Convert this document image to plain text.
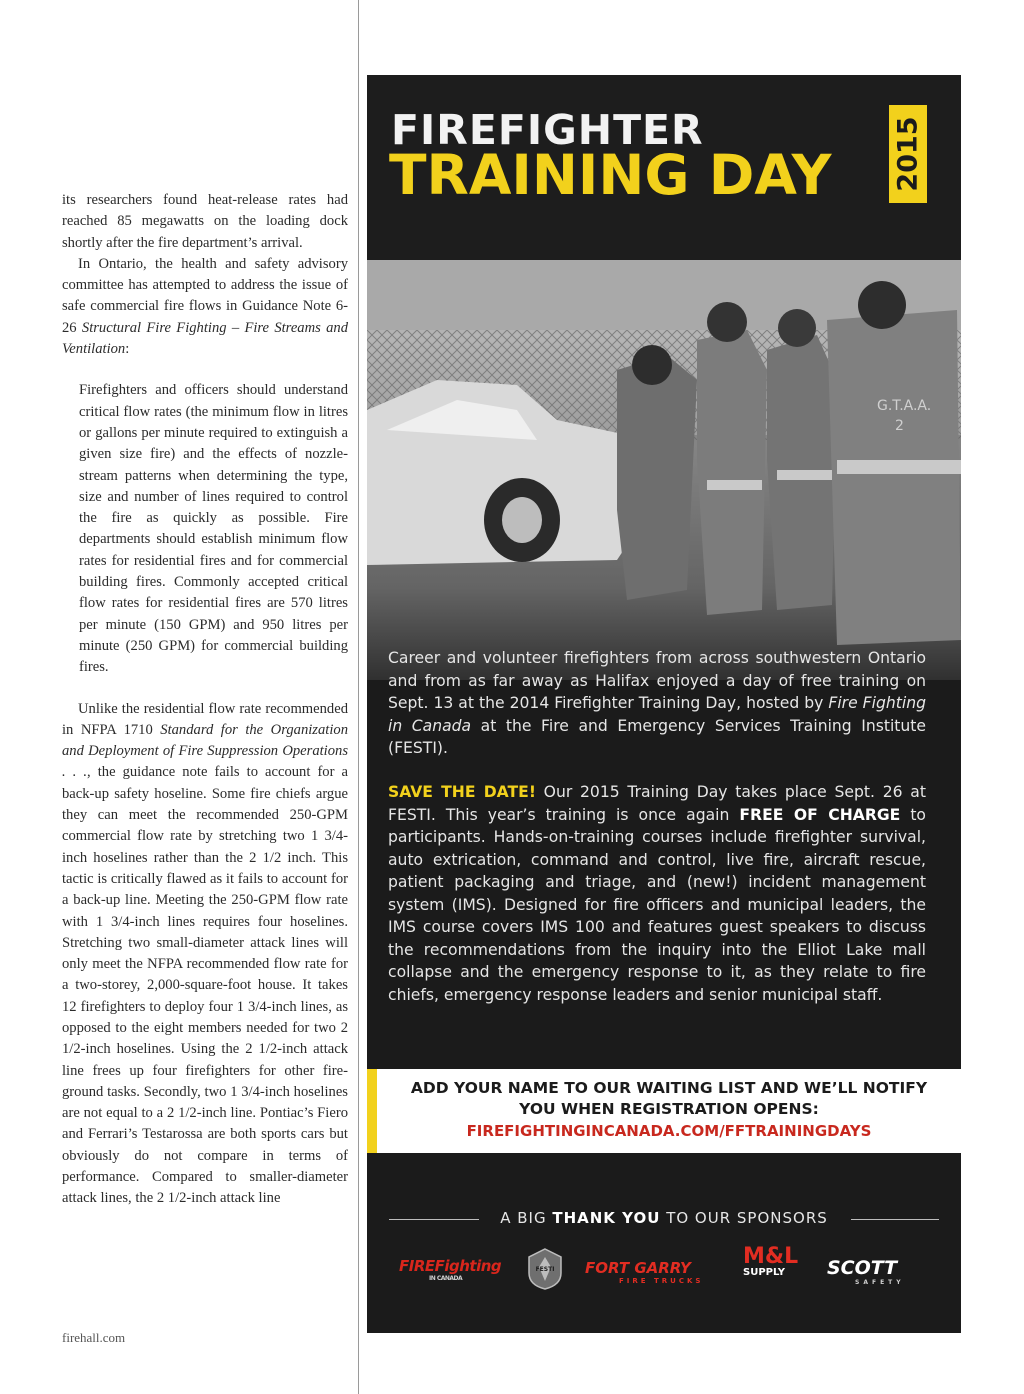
its researchers found heat-release rates had reached 85 megawatts on the loading dock shortly after the fire department’s arrival.

In Ontario, the health and safety advisory committee has attempted to address the issue of safe commercial fire flows in Guidance Note 6-26 Structural Fire Fighting – Fire Streams and Ventilation:

Firefighters and officers should understand critical flow rates (the minimum flow in litres or gallons per minute required to extinguish a given size fire) and the effects of nozzle-stream patterns when determining the type, size and number of lines required to control the fire as quickly as possible. Fire departments should establish minimum flow rates for residential fires and for commercial building fires. Commonly accepted critical flow rates for residential fires are 570 litres per minute (150 GPM) and 950 litres per minute (250 GPM) for commercial building fires.

Unlike the residential flow rate recommended in NFPA 1710 Standard for the Organization and Deployment of Fire Suppression Operations . . ., the guidance note fails to account for a back-up safety hoseline. Some fire chiefs argue they can meet the recommended 250-GPM commercial flow rate by stretching two 1 3/4-inch hoselines rather than the 2 1/2 inch. This tactic is critically flawed as it fails to account for a back-up line. Meeting the 250-GPM flow rate with 1 3/4-inch lines requires four hoselines. Stretching two small-diameter attack lines will only meet the NFPA recommended flow rate for a two-storey, 2,000-square-foot house. It takes 12 firefighters to deploy four 1 3/4-inch lines, as opposed to the eight members needed for two 2 1/2-inch hoselines. Using the 2 1/2-inch attack line frees up four firefighters for other fire-ground tasks. Secondly, two 1 3/4-inch hoselines are not equal to a 2 1/2-inch line. Pontiac’s Fiero and Ferrari’s Testarossa are both sports cars but obviously do not compare in terms of performance. Compared to smaller-diameter attack lines, the 2 1/2-inch attack line

firehall.com
FIREFIGHTER
TRAINING DAY 2015
G.T.A.A.
2

Career and volunteer firefighters from across southwestern Ontario and from as far away as Halifax enjoyed a day of free training on Sept. 13 at the 2014 Firefighter Training Day, hosted by Fire Fighting in Canada at the Fire and Emergency Services Training Institute (FESTI).

SAVE THE DATE! Our 2015 Training Day takes place Sept. 26 at FESTI. This year’s training is once again FREE OF CHARGE to participants. Hands-on-training courses include firefighter survival, auto extrication, command and control, live fire, aircraft rescue, patient packaging and triage, and (new!) incident management system (IMS). Designed for fire officers and municipal leaders, the IMS course covers IMS 100 and features guest speakers to discuss the recommendations from the inquiry into the Elliot Lake mall collapse and the emergency response to it, as they relate to fire chiefs, emergency response leaders and senior municipal staff.

ADD YOUR NAME TO OUR WAITING LIST AND WE’LL NOTIFY
YOU WHEN REGISTRATION OPENS:
FIREFIGHTINGINCANADA.COM/FFTRAININGDAYS
A BIG THANK YOU TO OUR SPONSORS
FIREFighting
IN CANADA
FESTI FORT GARRY
FIRE TRUCKS
M&L
SUPPLY	SCOTT
SAFETY
